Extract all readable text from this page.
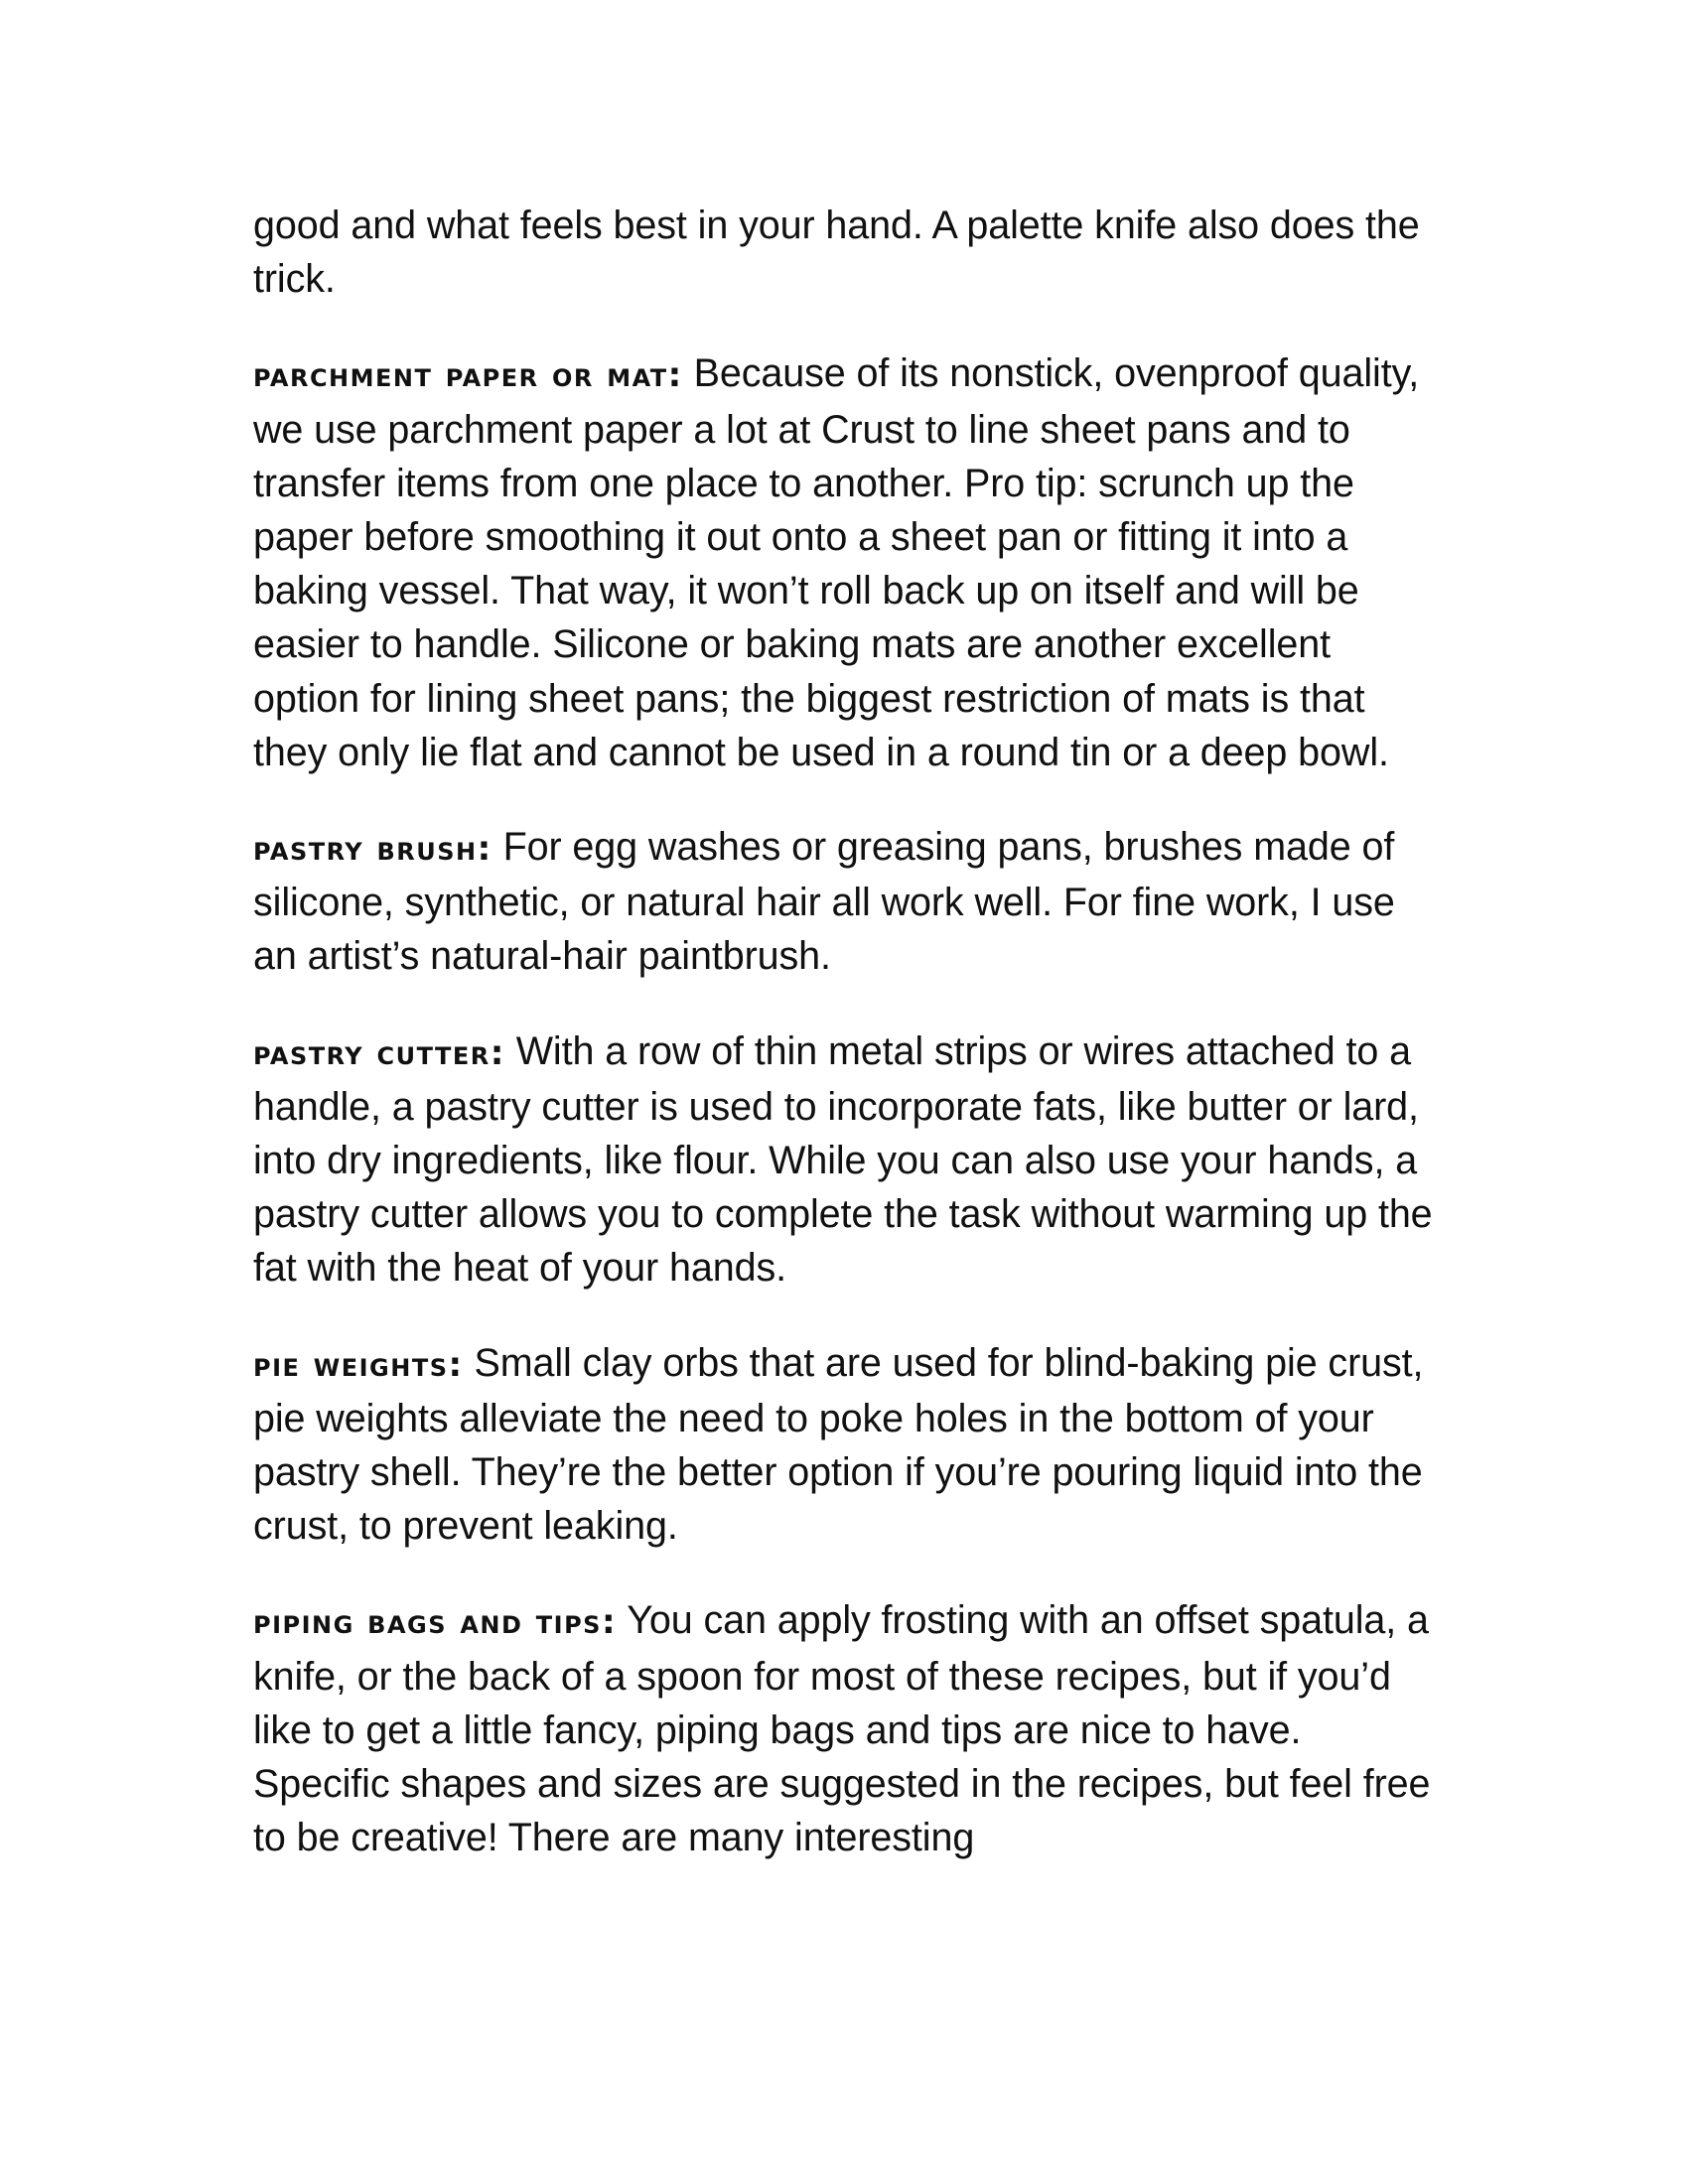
good and what feels best in your hand. A palette knife also does the trick.

parchment paper or mat: Because of its nonstick, ovenproof quality, we use parchment paper a lot at Crust to line sheet pans and to transfer items from one place to another. Pro tip: scrunch up the paper before smoothing it out onto a sheet pan or fitting it into a baking vessel. That way, it won’t roll back up on itself and will be easier to handle. Silicone or baking mats are another excellent option for lining sheet pans; the biggest restriction of mats is that they only lie flat and cannot be used in a round tin or a deep bowl.

pastry brush: For egg washes or greasing pans, brushes made of silicone, synthetic, or natural hair all work well. For fine work, I use an artist’s natural-hair paintbrush.

pastry cutter: With a row of thin metal strips or wires attached to a handle, a pastry cutter is used to incorporate fats, like butter or lard, into dry ingredients, like flour. While you can also use your hands, a pastry cutter allows you to complete the task without warming up the fat with the heat of your hands.

pie weights: Small clay orbs that are used for blind-baking pie crust, pie weights alleviate the need to poke holes in the bottom of your pastry shell. They’re the better option if you’re pouring liquid into the crust, to prevent leaking.

piping bags and tips: You can apply frosting with an offset spatula, a knife, or the back of a spoon for most of these recipes, but if you’d like to get a little fancy, piping bags and tips are nice to have. Specific shapes and sizes are suggested in the recipes, but feel free to be creative! There are many interesting
